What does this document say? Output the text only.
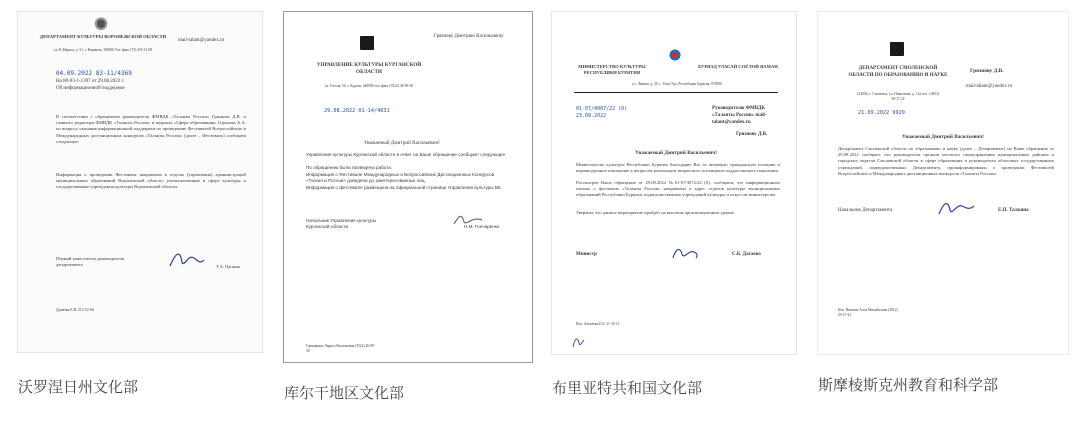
ДЕПАРТАМЕНТ КУЛЬТУРЫ ВОРОНЕЖСКОЙ ОБЛАСТИ
ул. К.Маркса, д. 51, г. Воронеж, 394036 Тел./факс (73) 255-11-08
mail-talant@yandex.ru
04.09.2022 83-11/4369
На 80-03-1-1397 от 29.08.2022 г.
Об информационной поддержке
В соответствии с обращением руководителя ФМВДК «Таланты России» Грязнова Д.В. и главного редактора ФМВДК «Таланты России» и журнала «Сфера образования» Горохова А.А. по вопросу оказания информационной поддержки по проведению Фестивалей Всероссийских и Международных дистанционных конкурсов «Таланты России» (далее – Фестиваль) сообщаем следующее.
Информация о проведении Фестиваля направлена в отделы (управления) администраций муниципальных образований Воронежской области, уполномоченные в сфере культуры и государственные учреждения культуры Воронежской области.
Первый заместитель руководителя департамента	Т.А. Цапина
Дунаева Е.В. 212-52-66
沃罗涅日州文化部
УПРАВЛЕНИЕ КУЛЬТУРЫ КУРГАНСКОЙ ОБЛАСТИ
Грязнову Дмитрию Васильевичу
ул. Гоголя, 56, г. Курган, 640000 тел./факс (3522) 46-09-30
29.08.2022 01-14/4031
Уважаемый Дмитрий Васильевич!
Управление культуры Курганской области в ответ на Ваше обращение сообщает следующее.
По обращению была проведена работа.
Информация о Фестивале Международных и Всероссийских Дистанционных Конкурсов «Таланты России» доведена до заинтересованных лиц.
Информация о фестивале размещена на официальной странице Управления культуры ВК.
Начальник Управления культуры Курганской области	Н.М. Гончаренко
Гончаренко Лариса Васильевна (3522) 46-09-30
库尔干地区文化部
МИНИСТЕРСТВО КУЛЬТУРЫ РЕСПУБЛИКИ БУРЯТИЯ
БУРЯАД УЛАСАЙ СОЁЛОЙ ЯАМАН
ул. Ленина, д. 30, г. Улан-Удэ, Республика Бурятия, 670000
01-07/4007/22 (0) 23.09.2022
Руководителю ФМВДК «Таланты России» mail-talant@yandex.ru
Грязнову Д.В.
Уважаемый Дмитрий Васильевич!
Министерство культуры Республики Бурятия благодарит Вас за активную гражданскую позицию и неравнодушное отношение к вопросам реализации творческого потенциала подрастающего поколения.
Рассмотрев Ваше обращение от 29.08.2022 №01-07/3072/22 (0), сообщаем, что информационное письмо о фестивале «Таланты России» направлено в адрес отделов культуры муниципальных образований Республики Бурятия, подведомственных учреждений культуры и искусств министерства.
Уверены, что данное мероприятие пройдёт на высоком организационном уровне.
Министр	С.Б. Дагаева
Исп. Аюшеева Е.Б. 21-35-13
布里亚特共和国文化部
ДЕПАРТАМЕНТ СМОЛЕНСКОЙ ОБЛАСТИ ПО ОБРАЗОВАНИЮ И НАУКЕ
Грязнову Д.В.
mail-talant@yandex.ru
214004, г. Смоленск, ул. Николаева, д. 12а тел.: (4812) 38-17-22
21.09.2022 9929
Уважаемый Дмитрий Васильевич!
Департамент Смоленской области по образованию и науке (далее – Департамент) на Ваше обращение от 29.08.2022 сообщает, что руководители органов местного самоуправления муниципальных районов и городских округов Смоленской области в сфере образования и руководители областных государственных учреждений, подведомственных Департаменту, проинформированы о проведении Фестивалей Всероссийских и Международных дистанционных конкурсов «Таланты России».
Начальник Департамента	Е.П. Талкина
Исп. Ишкина Алла Михайловна (4812) 29-27-41
斯摩棱斯克州教育和科学部
